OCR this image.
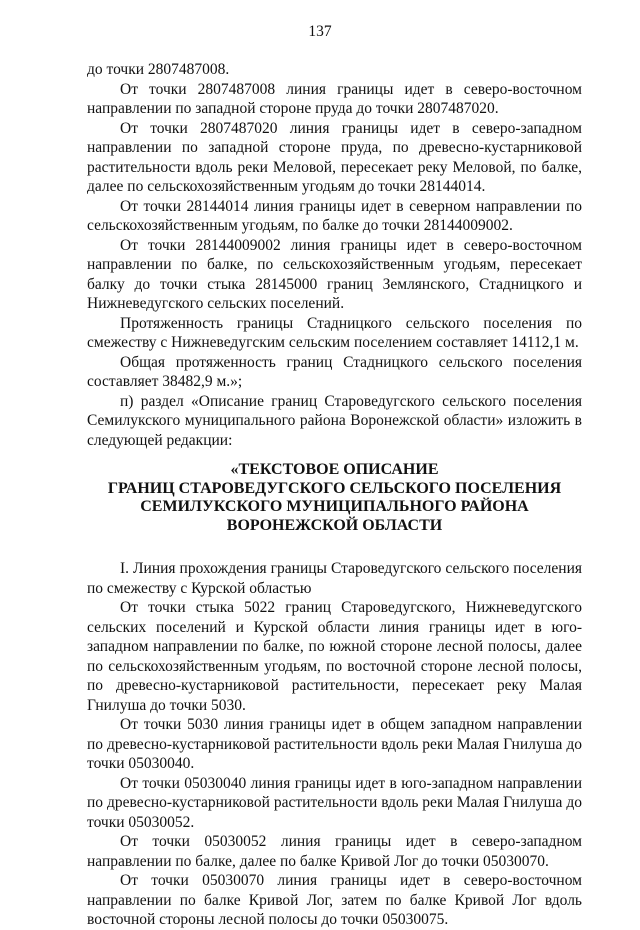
137

до точки 2807487008.

От точки 2807487008 линия границы идет в северо-восточном направлении по западной стороне пруда до точки 2807487020.

От точки 2807487020 линия границы идет в северо-западном направлении по западной стороне пруда, по древесно-кустарниковой растительности вдоль реки Меловой, пересекает реку Меловой, по балке, далее по сельскохозяйственным угодьям до точки 28144014.

От точки 28144014 линия границы идет в северном направлении по сельскохозяйственным угодьям, по балке до точки 28144009002.

От точки 28144009002 линия границы идет в северо-восточном направлении по балке, по сельскохозяйственным угодьям, пересекает балку до точки стыка 28145000 границ Землянского, Стадницкого и Нижневедугского сельских поселений.

Протяженность границы Стадницкого сельского поселения по смежеству с Нижневедугским сельским поселением составляет 14112,1 м.

Общая протяженность границ Стадницкого сельского поселения составляет 38482,9 м.»;

п) раздел «Описание границ Староведугского сельского поселения Семилукского муниципального района Воронежской области» изложить в следующей редакции:

«ТЕКСТОВОЕ ОПИСАНИЕ
ГРАНИЦ СТАРОВЕДУГСКОГО СЕЛЬСКОГО ПОСЕЛЕНИЯ
СЕМИЛУКСКОГО МУНИЦИПАЛЬНОГО РАЙОНА
ВОРОНЕЖСКОЙ ОБЛАСТИ

I. Линия прохождения границы Староведугского сельского поселения по смежеству с Курской областью

От точки стыка 5022 границ Староведугского, Нижневедугского сельских поселений и Курской области линия границы идет в юго-западном направлении по балке, по южной стороне лесной полосы, далее по сельскохозяйственным угодьям, по восточной стороне лесной полосы, по древесно-кустарниковой растительности, пересекает реку Малая Гнилуша до точки 5030.

От точки 5030 линия границы идет в общем западном направлении по древесно-кустарниковой растительности вдоль реки Малая Гнилуша до точки 05030040.

От точки 05030040 линия границы идет в юго-западном направлении по древесно-кустарниковой растительности вдоль реки Малая Гнилуша до точки 05030052.

От точки 05030052 линия границы идет в северо-западном направлении по балке, далее по балке Кривой Лог до точки 05030070.

От точки 05030070 линия границы идет в северо-восточном направлении по балке Кривой Лог, затем по балке Кривой Лог вдоль восточной стороны лесной полосы до точки 05030075.
